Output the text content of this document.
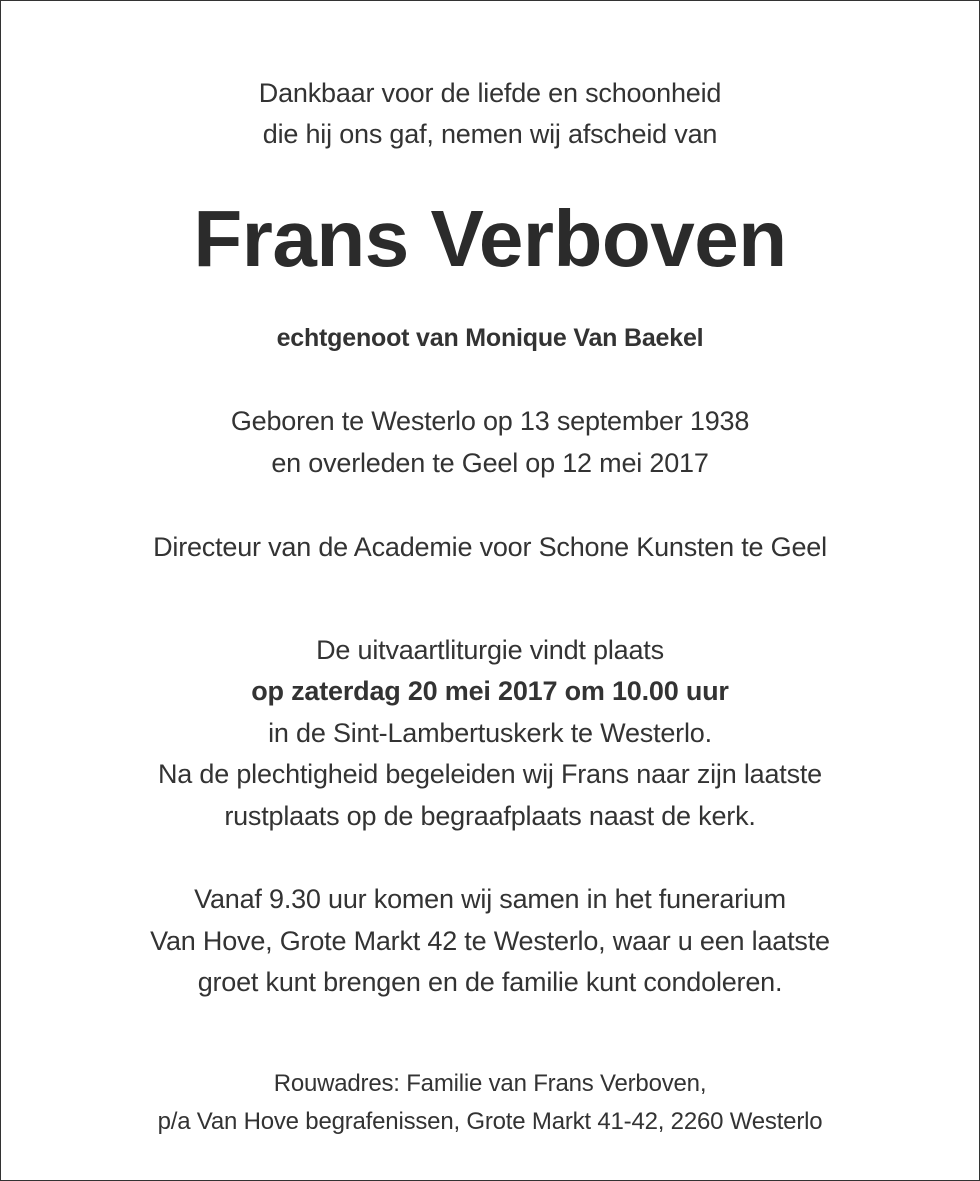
Dankbaar voor de liefde en schoonheid
die hij ons gaf, nemen wij afscheid van
Frans Verboven
echtgenoot van Monique Van Baekel
Geboren te Westerlo op 13 september 1938
en overleden te Geel op 12 mei 2017
Directeur van de Academie voor Schone Kunsten te Geel
De uitvaartliturgie vindt plaats
op zaterdag 20 mei 2017 om 10.00 uur
in de Sint-Lambertuskerk te Westerlo.
Na de plechtigheid begeleiden wij Frans naar zijn laatste
rustplaats op de begraafplaats naast de kerk.
Vanaf 9.30 uur komen wij samen in het funerarium
Van Hove, Grote Markt 42 te Westerlo, waar u een laatste
groet kunt brengen en de familie kunt condoleren.
Rouwadres: Familie van Frans Verboven,
p/a Van Hove begrafenissen, Grote Markt 41-42, 2260 Westerlo
